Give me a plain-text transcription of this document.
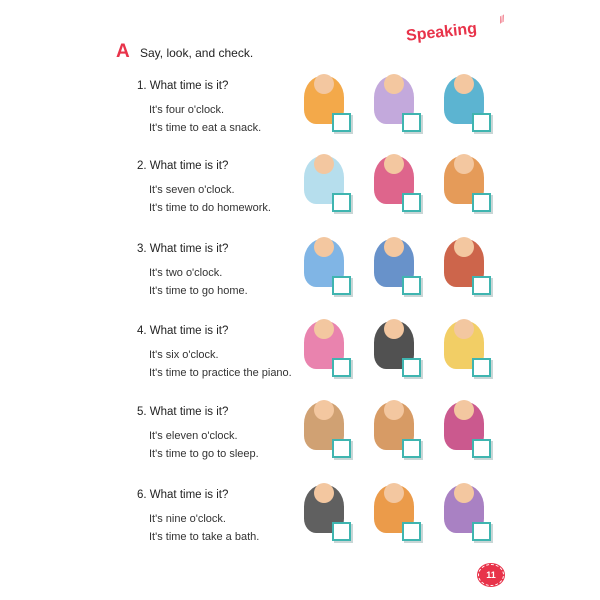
Speaking
⁄⁄⁄
A Say, look, and check.
1. What time is it?
It's four o'clock.
It's time to eat a snack.
2. What time is it?
It's seven o'clock.
It's time to do homework.
3. What time is it?
It's two o'clock.
It's time to go home.
4. What time is it?
It's six o'clock.
It's time to practice the piano.
5. What time is it?
It's eleven o'clock.
It's time to go to sleep.
6. What time is it?
It's nine o'clock.
It's time to take a bath.
11
